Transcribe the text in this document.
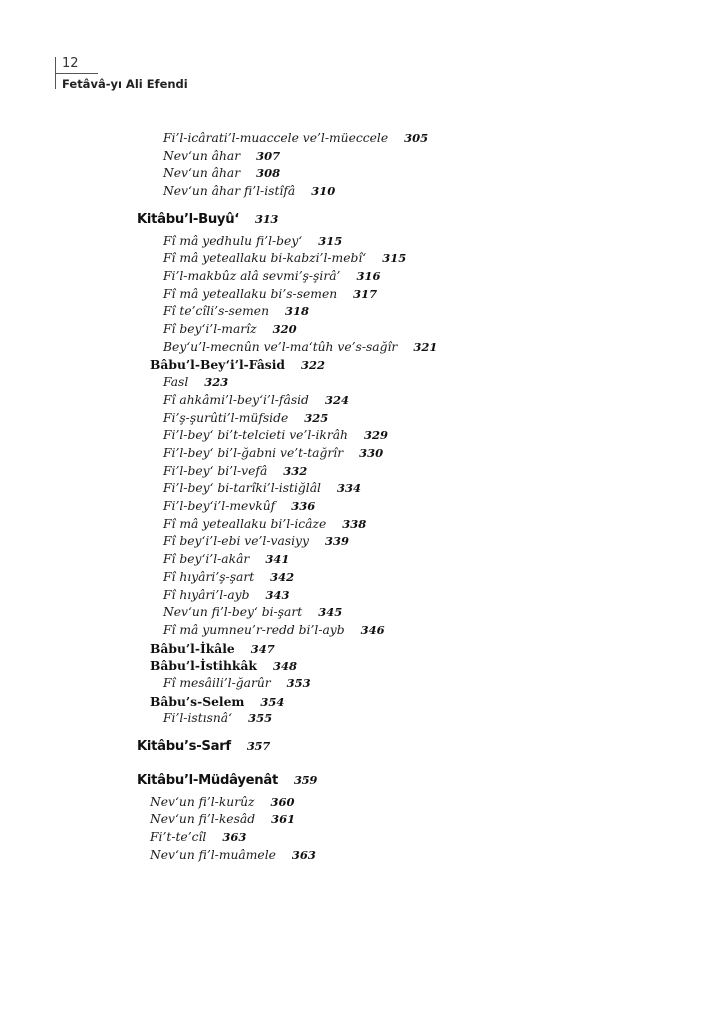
12
Fetâvâ-yı Ali Efendi
Fi’l-icârati’l-muaccele ve’l-müeccele 305
Nev‘un âhar 307
Nev‘un âhar 308
Nev‘un âhar fi’l-istîfâ 310
Kitâbu’l-Buyû‘ 313
Fî mâ yedhulu fi’l-bey‘ 315
Fî mâ yeteallaku bi-kabzi’l-mebî‘ 315
Fi’l-makbûz alâ sevmi’ş-şirâ’ 316
Fî mâ yeteallaku bi’s-semen 317
Fî te’cîli’s-semen 318
Fî bey‘i’l-marîz 320
Bey‘u’l-mecnûn ve’l-ma‘tûh ve’s-sağîr 321
Bâbu’l-Bey‘i’l-Fâsid 322
Fasl 323
Fî ahkâmi’l-bey‘i’l-fâsid 324
Fi’ş-şurûti’l-müfside 325
Fi’l-bey‘ bi’t-telcieti ve’l-ikrâh 329
Fi’l-bey‘ bi’l-ğabni ve’t-tağrîr 330
Fi’l-bey‘ bi’l-vefâ 332
Fi’l-bey‘ bi-tarîki’l-istiğlâl 334
Fi’l-bey‘i’l-mevkûf 336
Fî mâ yeteallaku bi’l-icâze 338
Fî bey‘i’l-ebi ve’l-vasiyy 339
Fî bey‘i’l-akâr 341
Fî hıyâri’ş-şart 342
Fî hıyâri’l-ayb 343
Nev‘un fi’l-bey‘ bi-şart 345
Fî mâ yumneu’r-redd bi’l-ayb 346
Bâbu’l-İkâle 347
Bâbu’l-İstihkâk 348
Fî mesâili’l-ğarûr 353
Bâbu’s-Selem 354
Fi’l-istısnâ‘ 355
Kitâbu’s-Sarf 357
Kitâbu’l-Müdâyenât 359
Nev‘un fi’l-kurûz 360
Nev‘un fi’l-kesâd 361
Fi’t-te’cîl 363
Nev‘un fi’l-muâmele 363
